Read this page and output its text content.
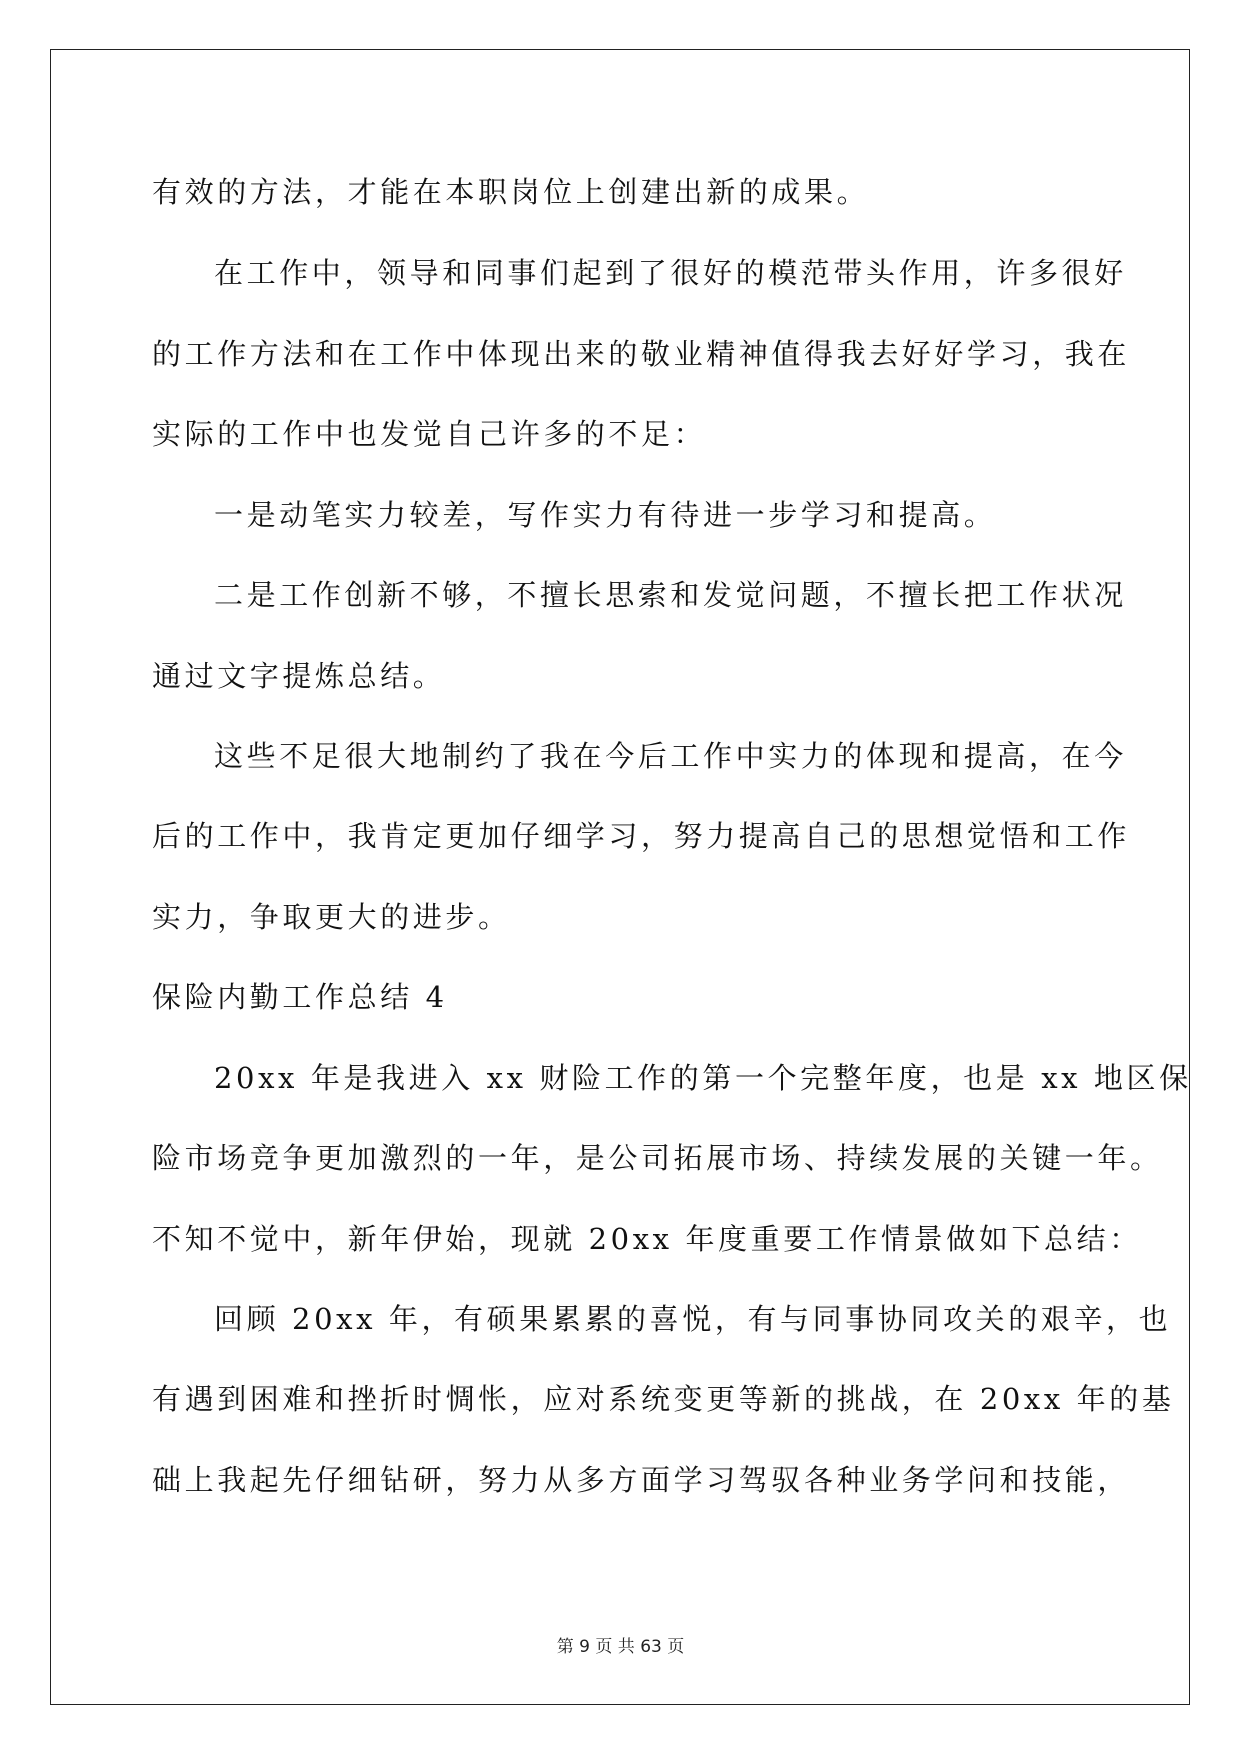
有效的方法，才能在本职岗位上创建出新的成果。
在工作中，领导和同事们起到了很好的模范带头作用，许多很好
的工作方法和在工作中体现出来的敬业精神值得我去好好学习，我在
实际的工作中也发觉自己许多的不足：
一是动笔实力较差，写作实力有待进一步学习和提高。
二是工作创新不够，不擅长思索和发觉问题，不擅长把工作状况
通过文字提炼总结。
这些不足很大地制约了我在今后工作中实力的体现和提高，在今
后的工作中，我肯定更加仔细学习，努力提高自己的思想觉悟和工作
实力，争取更大的进步。
保险内勤工作总结 4
20xx 年是我进入 xx 财险工作的第一个完整年度，也是 xx 地区保
险市场竞争更加激烈的一年，是公司拓展市场、持续发展的关键一年。
不知不觉中，新年伊始，现就 20xx 年度重要工作情景做如下总结：
回顾 20xx 年，有硕果累累的喜悦，有与同事协同攻关的艰辛，也
有遇到困难和挫折时惆怅，应对系统变更等新的挑战，在 20xx 年的基
础上我起先仔细钻研，努力从多方面学习驾驭各种业务学问和技能，
第 9 页 共 63 页
